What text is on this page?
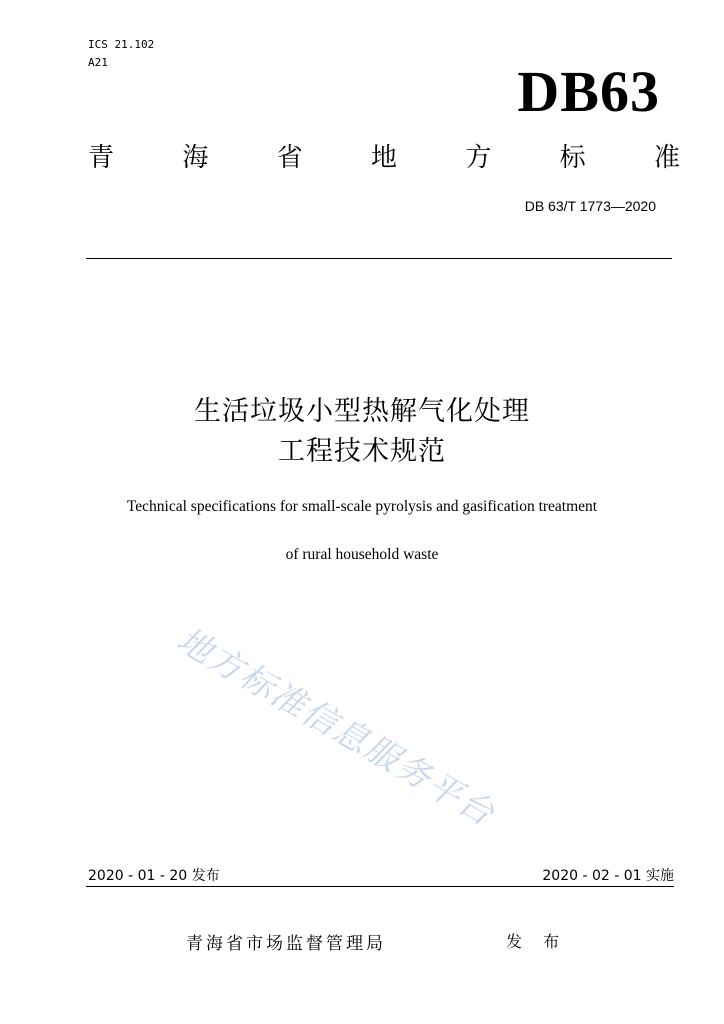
ICS 21.102
A21	DB63
青	海	省	地	方	标	准
DB 63/T 1773—2020
生活垃圾小型热解气化处理
工程技术规范
Technical specifications for small-scale pyrolysis and gasification treatment
of rural household waste
地方标准信息服务平台
2020 - 01 - 20 发布	2020 - 02 - 01 实施
青海省市场监督管理局	发 布
